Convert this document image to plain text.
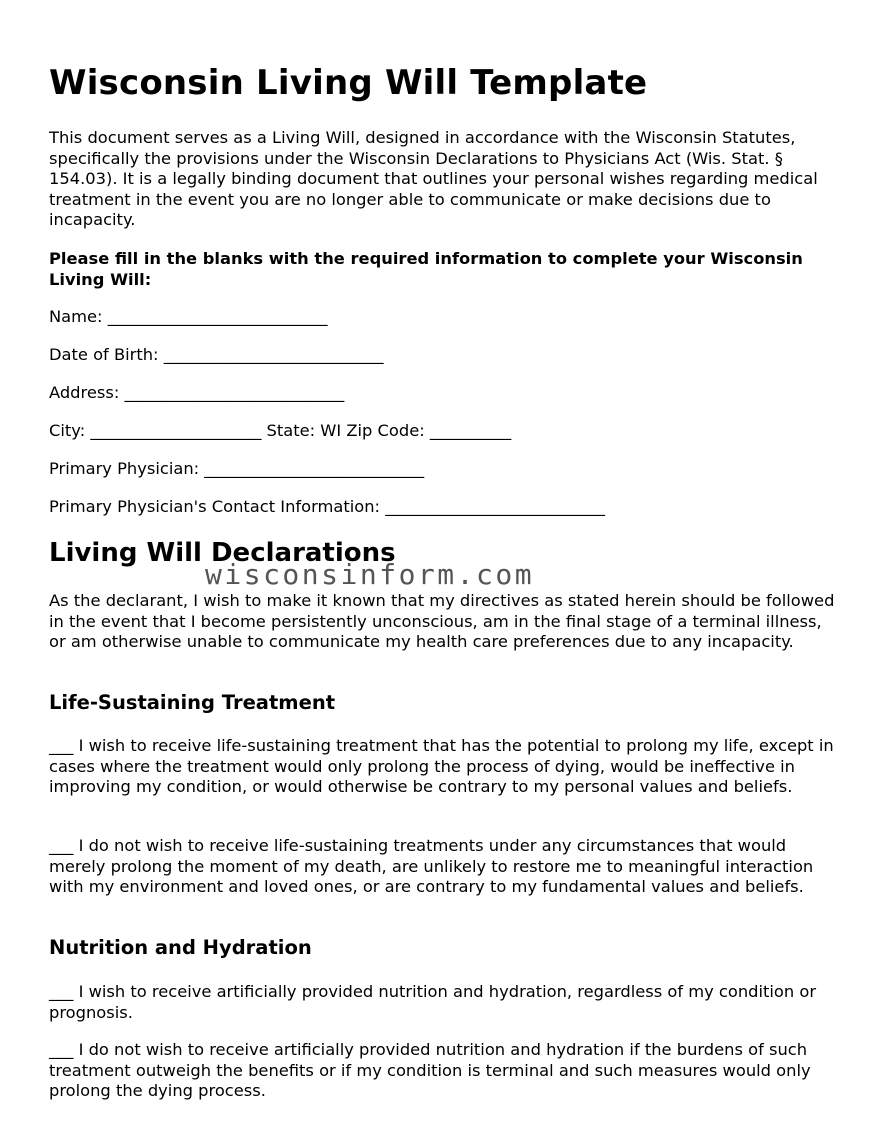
Wisconsin Living Will Template

This document serves as a Living Will, designed in accordance with the Wisconsin Statutes, specifically the provisions under the Wisconsin Declarations to Physicians Act (Wis. Stat. § 154.03). It is a legally binding document that outlines your personal wishes regarding medical treatment in the event you are no longer able to communicate or make decisions due to incapacity.

Please fill in the blanks with the required information to complete your Wisconsin Living Will:

Name: ___________________________

Date of Birth: ___________________________

Address: ___________________________

City: _____________________ State: WI Zip Code: __________

Primary Physician: ___________________________

Primary Physician's Contact Information: ___________________________

Living Will Declarations

As the declarant, I wish to make it known that my directives as stated herein should be followed in the event that I become persistently unconscious, am in the final stage of a terminal illness, or am otherwise unable to communicate my health care preferences due to any incapacity.

Life-Sustaining Treatment

___ I wish to receive life-sustaining treatment that has the potential to prolong my life, except in cases where the treatment would only prolong the process of dying, would be ineffective in improving my condition, or would otherwise be contrary to my personal values and beliefs.

___ I do not wish to receive life-sustaining treatments under any circumstances that would merely prolong the moment of my death, are unlikely to restore me to meaningful interaction with my environment and loved ones, or are contrary to my fundamental values and beliefs.

Nutrition and Hydration

___ I wish to receive artificially provided nutrition and hydration, regardless of my condition or prognosis.

___ I do not wish to receive artificially provided nutrition and hydration if the burdens of such treatment outweigh the benefits or if my condition is terminal and such measures would only prolong the dying process.

wisconsinform.com
